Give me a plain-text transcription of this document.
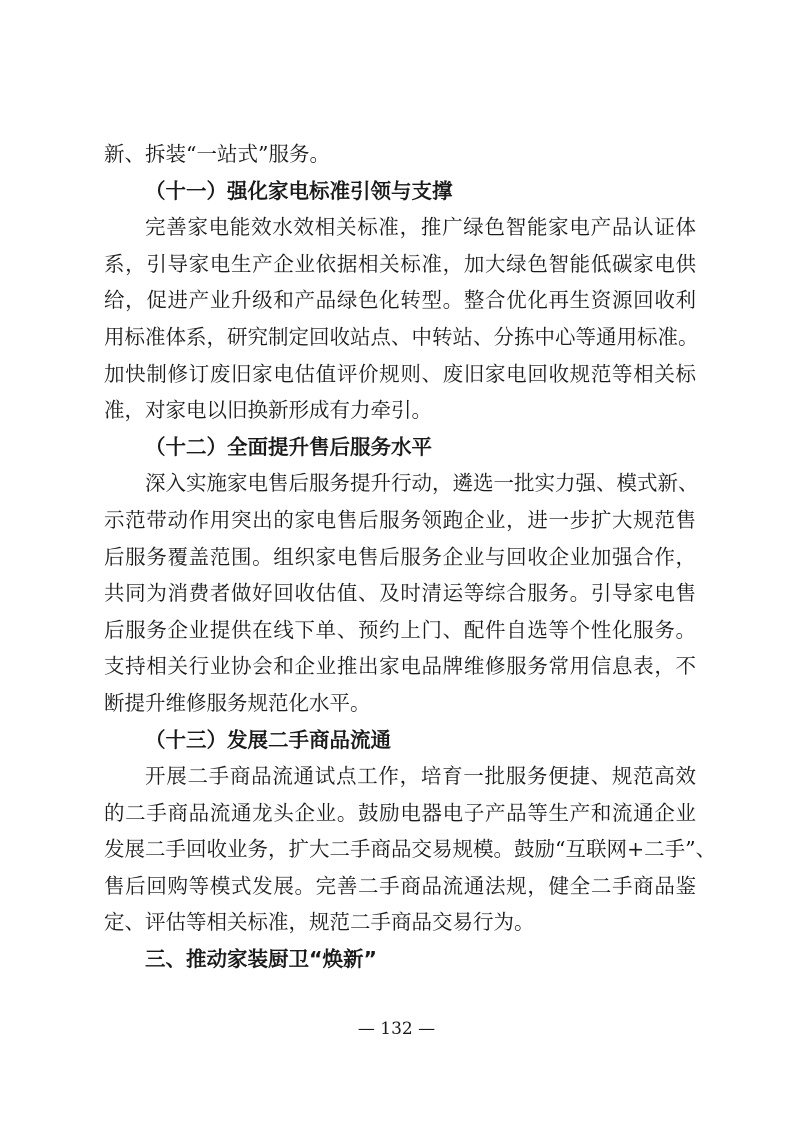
新、拆装“一站式”服务。
（十一）强化家电标准引领与支撑
完善家电能效水效相关标准，推广绿色智能家电产品认证体
系，引导家电生产企业依据相关标准，加大绿色智能低碳家电供
给，促进产业升级和产品绿色化转型。整合优化再生资源回收利
用标准体系，研究制定回收站点、中转站、分拣中心等通用标准。
加快制修订废旧家电估值评价规则、废旧家电回收规范等相关标
准，对家电以旧换新形成有力牵引。
（十二）全面提升售后服务水平
深入实施家电售后服务提升行动，遴选一批实力强、模式新、
示范带动作用突出的家电售后服务领跑企业，进一步扩大规范售
后服务覆盖范围。组织家电售后服务企业与回收企业加强合作，
共同为消费者做好回收估值、及时清运等综合服务。引导家电售
后服务企业提供在线下单、预约上门、配件自选等个性化服务。
支持相关行业协会和企业推出家电品牌维修服务常用信息表，不
断提升维修服务规范化水平。
（十三）发展二手商品流通
开展二手商品流通试点工作，培育一批服务便捷、规范高效
的二手商品流通龙头企业。鼓励电器电子产品等生产和流通企业
发展二手回收业务，扩大二手商品交易规模。鼓励“互联网+二手”、
售后回购等模式发展。完善二手商品流通法规，健全二手商品鉴
定、评估等相关标准，规范二手商品交易行为。
三、推动家装厨卫“焕新”
— 132 —
